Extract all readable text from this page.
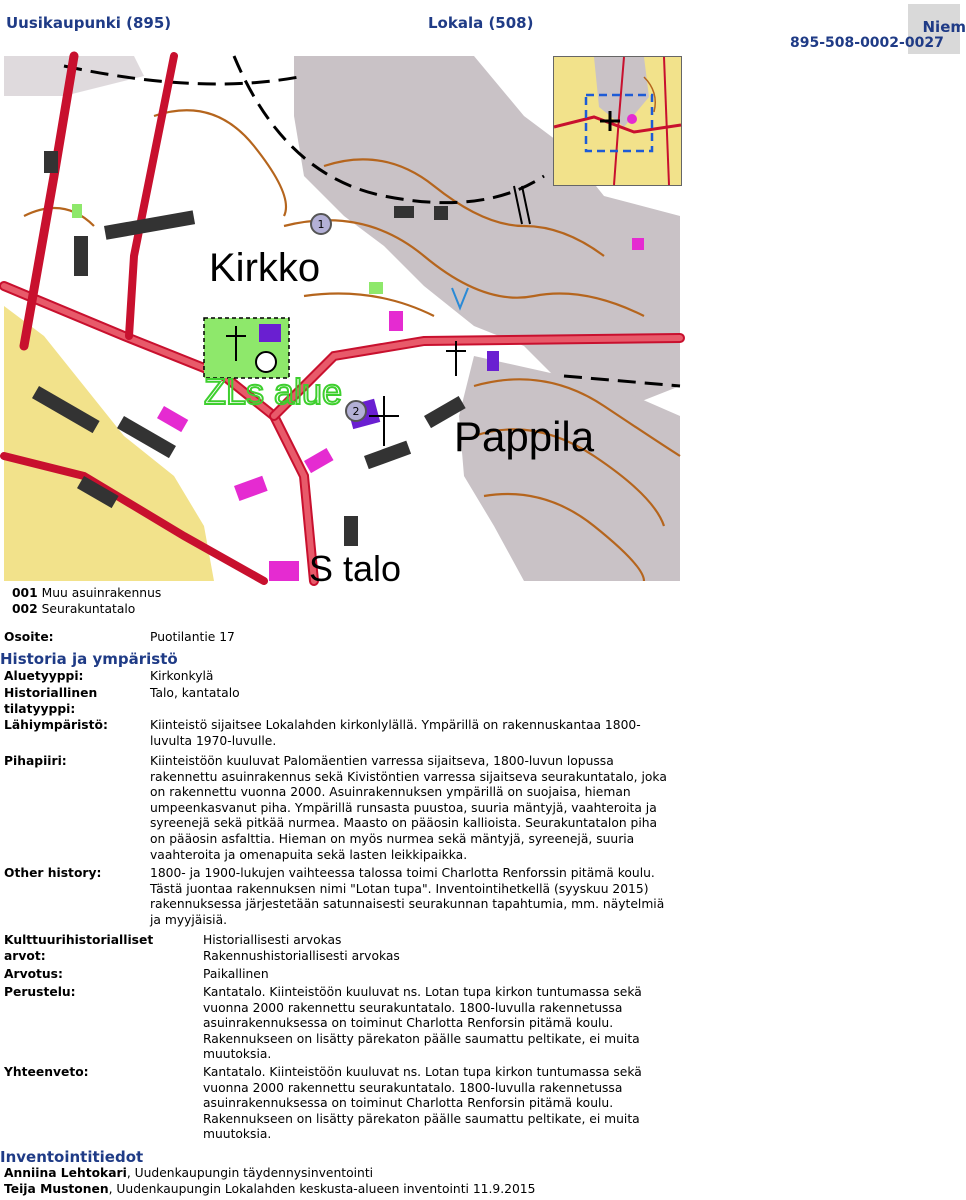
Uusikaupunki (895)	Lokala (508)	Niem
895-508-0002-0027
ZLs alue
Kirkko
Pappila
S talo
1
2
001 Muu asuinrakennus
002 Seurakuntatalo
Osoite:	Puotilantie 17
Historia ja ympäristö
Aluetyyppi:	Kirkonkylä
Historiallinen
tilatyyppi:
Talo, kantatalo
Lähiympäristö:	Kiinteistö sijaitsee Lokalahden kirkonlylällä. Ympärillä on rakennuskantaa 1800-
luvulta 1970-luvulle.
Pihapiiri:	Kiinteistöön kuuluvat Palomäentien varressa sijaitseva, 1800-luvun lopussa
rakennettu asuinrakennus sekä Kivistöntien varressa sijaitseva seurakuntatalo, joka
on rakennettu vuonna 2000. Asuinrakennuksen ympärillä on suojaisa, hieman
umpeenkasvanut piha. Ympärillä runsasta puustoa, suuria mäntyjä, vaahteroita ja
syreenejä sekä pitkää nurmea. Maasto on pääosin kallioista. Seurakuntatalon piha
on pääosin asfalttia. Hieman on myös nurmea sekä mäntyjä, syreenejä, suuria
vaahteroita ja omenapuita sekä lasten leikkipaikka.
Other history:	1800- ja 1900-lukujen vaihteessa talossa toimi Charlotta Renforssin pitämä koulu.
Tästä juontaa rakennuksen nimi "Lotan tupa". Inventointihetkellä (syyskuu 2015)
rakennuksessa järjestetään satunnaisesti seurakunnan tapahtumia, mm. näytelmiä
ja myyjäisiä.
Kulttuurihistorialliset
arvot:
Historiallisesti arvokas
Rakennushistoriallisesti arvokas
Arvotus:	Paikallinen
Perustelu:	Kantatalo. Kiinteistöön kuuluvat ns. Lotan tupa kirkon tuntumassa sekä
vuonna 2000 rakennettu seurakuntatalo. 1800-luvulla rakennetussa
asuinrakennuksessa on toiminut Charlotta Renforsin pitämä koulu.
Rakennukseen on lisätty pärekaton päälle saumattu peltikate, ei muita
muutoksia.
Yhteenveto:	Kantatalo. Kiinteistöön kuuluvat ns. Lotan tupa kirkon tuntumassa sekä
vuonna 2000 rakennettu seurakuntatalo. 1800-luvulla rakennetussa
asuinrakennuksessa on toiminut Charlotta Renforsin pitämä koulu.
Rakennukseen on lisätty pärekaton päälle saumattu peltikate, ei muita
muutoksia.
Inventointitiedot
Anniina Lehtokari, Uudenkaupungin täydennysinventointi
Teija Mustonen, Uudenkaupungin Lokalahden keskusta-alueen inventointi 11.9.2015
